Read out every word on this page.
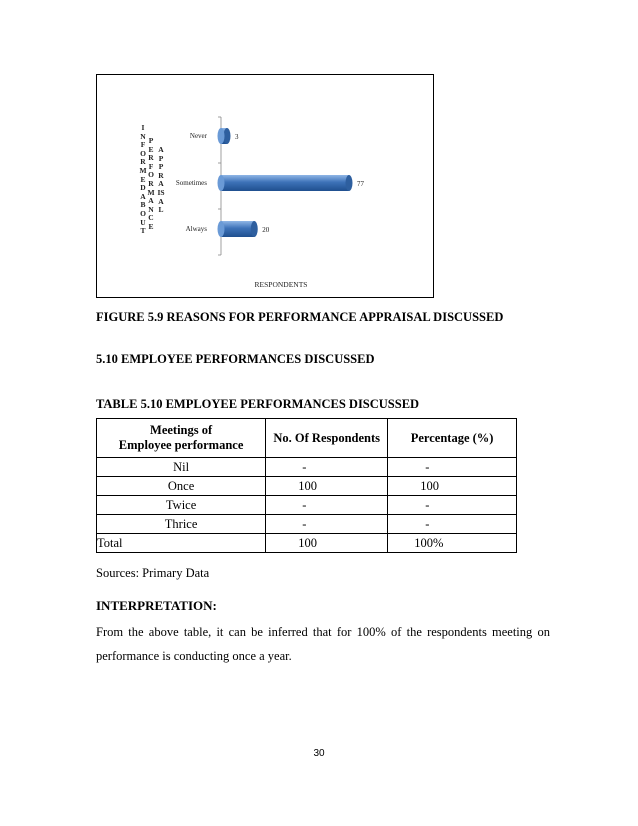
Never	3
Sometimes	77
Always	20
RESPONDENTS
INFORMED ABOUT
PERFORMANCE
APPRAISAL
FIGURE 5.9 REASONS FOR PERFORMANCE APPRAISAL DISCUSSED
5.10 EMPLOYEE PERFORMANCES DISCUSSED
TABLE 5.10 EMPLOYEE PERFORMANCES DISCUSSED
Meetings of
Employee performance	No. Of Respondents	Percentage (%)
Nil	-	-
Once	100	100
Twice	-	-
Thrice	-	-
Total	100	100%
Sources: Primary Data
INTERPRETATION:
From the above table, it can be inferred that for 100% of the respondents meeting on performance is conducting once a year.
30
